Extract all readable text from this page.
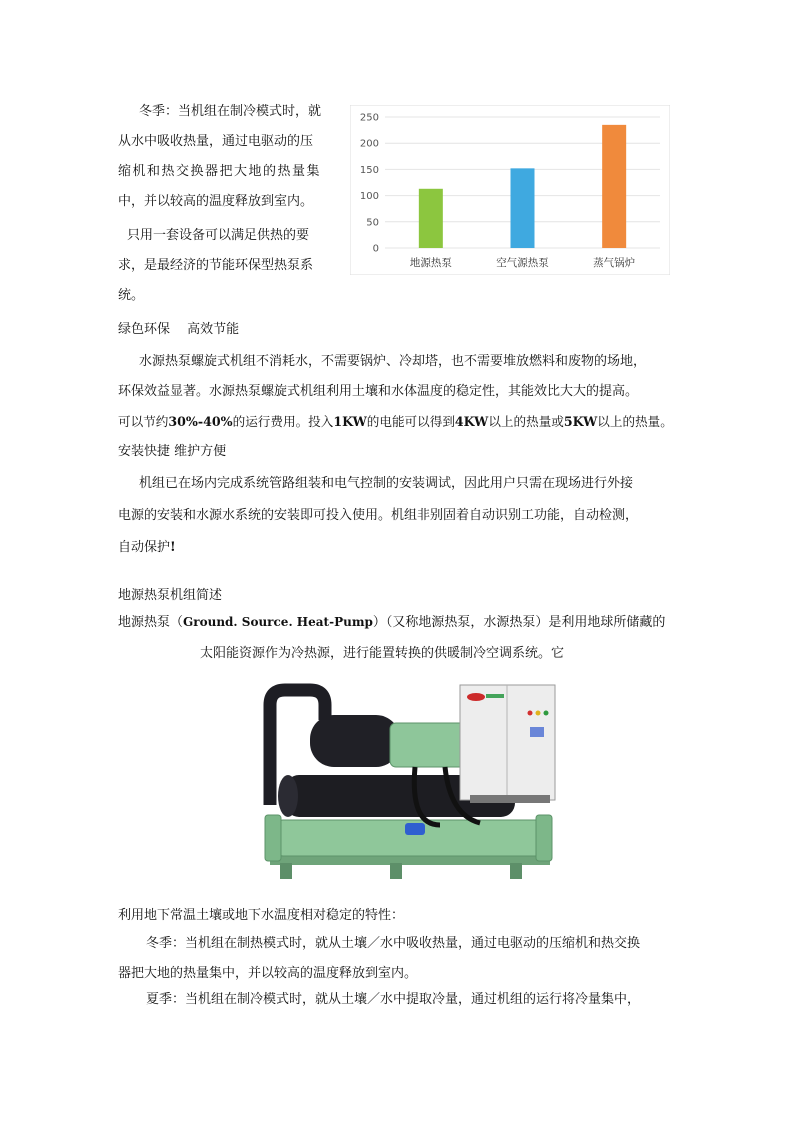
冬季：当机组在制冷模式时，就
从水中吸收热量，通过电驱动的压
缩机和热交换器把大地的热量集
中，并以较高的温度释放到室内。
只用一套设备可以满足供热的要
求，是最经济的节能环保型热泵系
统。
0
50
100
150
200
250
地源热泵	空气源热泵	蒸气锅炉
绿色环保　 高效节能
水源热泵螺旋式机组不消耗水，不需要锅炉、冷却塔，也不需要堆放燃料和废物的场地，
环保效益显著。水源热泵螺旋式机组利用土壤和水体温度的稳定性，其能效比大大的提高。
可以节约30%-40%的运行费用。投入1KW的电能可以得到4KW以上的热量或5KW以上的热量。
安装快捷 维护方便
机组已在场内完成系统管路组装和电气控制的安装调试，因此用户只需在现场进行外接
电源的安装和水源水系统的安装即可投入使用。机组非别固着自动识别工功能，自动检测，
自动保护!
地源热泵机组简述
地源热泵（Ground. Source. Heat-Pump）（又称地源热泵，水源热泵）是利用地球所储藏的
太阳能资源作为冷热源，进行能置转换的供暖制冷空调系统。它
利用地下常温土壤或地下水温度相对稳定的特性：
冬季：当机组在制热模式时，就从土壤／水中吸收热量，通过电驱动的压缩机和热交换
器把大地的热量集中，并以较高的温度释放到室内。
夏季：当机组在制冷模式时，就从土壤／水中提取冷量，通过机组的运行将冷量集中，
